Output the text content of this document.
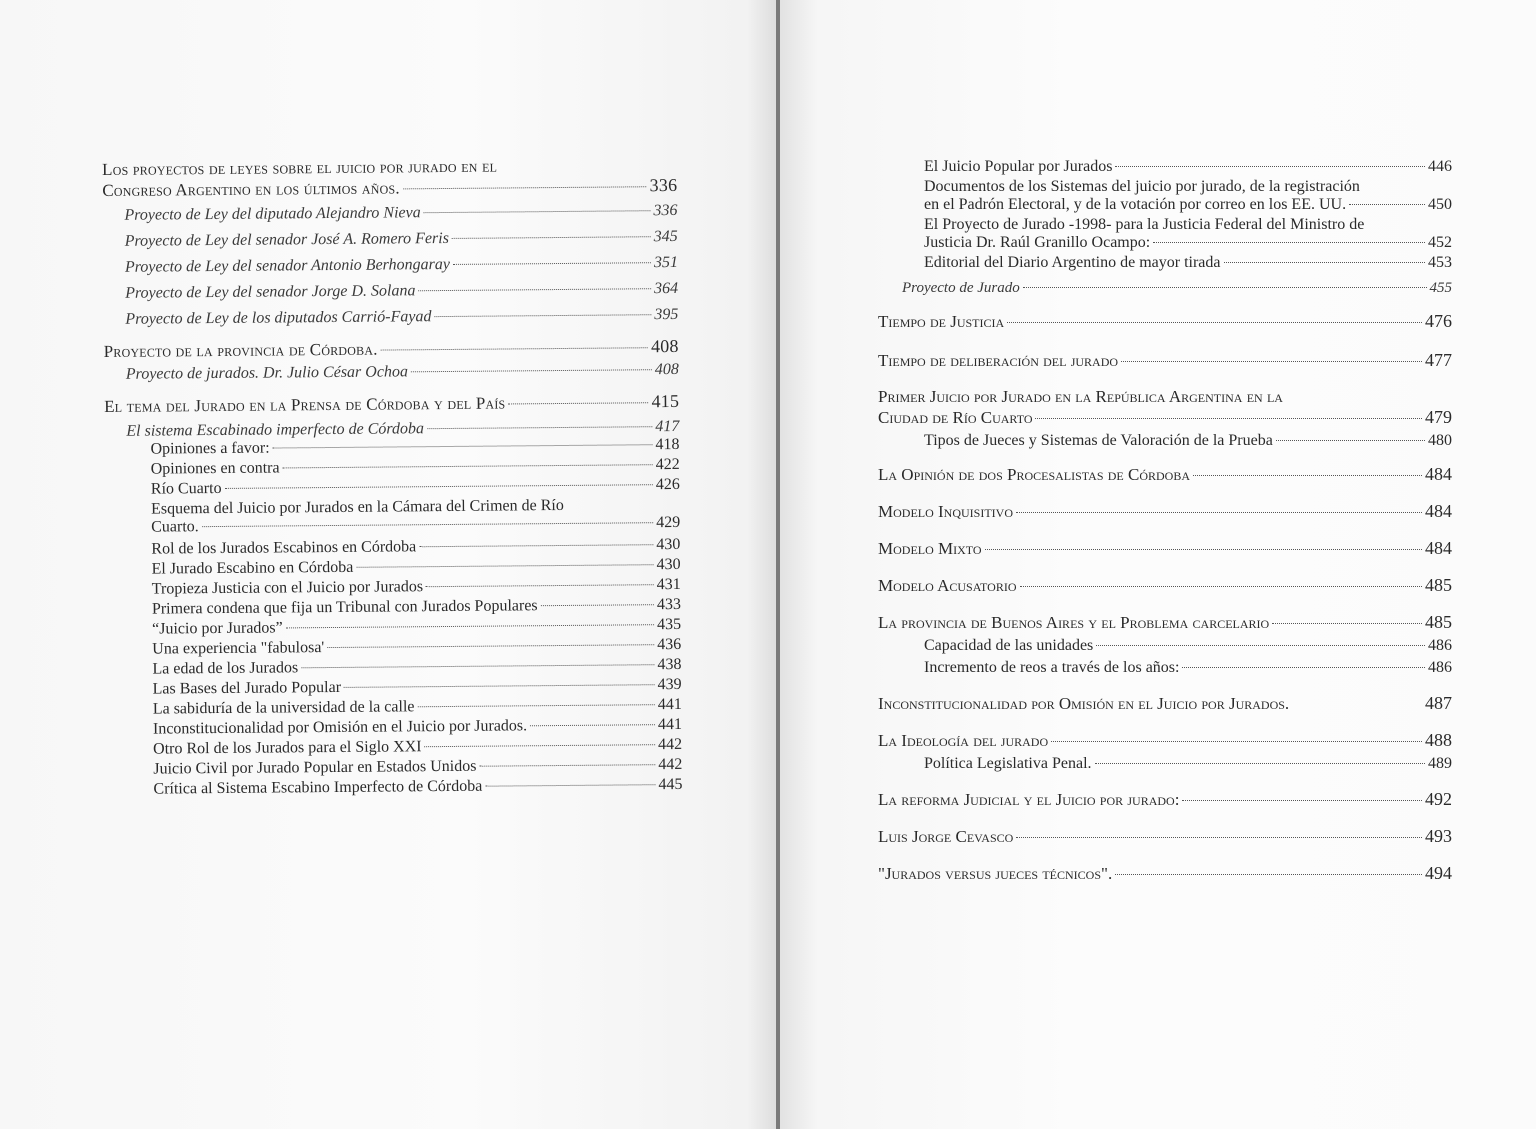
Los proyectos de leyes sobre el juicio por jurado en el
Congreso Argentino en los últimos años.	336
Proyecto de Ley del diputado Alejandro Nieva	336
Proyecto de Ley del senador José A. Romero Feris	345
Proyecto de Ley del senador Antonio Berhongaray	351
Proyecto de Ley del senador Jorge D. Solana	364
Proyecto de Ley de los diputados Carrió-Fayad	395
Proyecto de la provincia de Córdoba.	408
Proyecto de jurados. Dr. Julio César Ochoa	408
El tema del Jurado en la Prensa de Córdoba y del País	415
El sistema Escabinado imperfecto de Córdoba	417
Opiniones a favor:	418
Opiniones en contra	422
Río Cuarto	426
Esquema del Juicio por Jurados en la Cámara del Crimen de Río
Cuarto.	429
Rol de los Jurados Escabinos en Córdoba	430
El Jurado Escabino en Córdoba	430
Tropieza Justicia con el Juicio por Jurados	431
Primera condena que fija un Tribunal con Jurados Populares	433
“Juicio por Jurados”	435
Una experiencia "fabulosa'	436
La edad de los Jurados	438
Las Bases del Jurado Popular	439
La sabiduría de la universidad de la calle	441
Inconstitucionalidad por Omisión en el Juicio por Jurados.	441
Otro Rol de los Jurados para el Siglo XXI	442
Juicio Civil por Jurado Popular en Estados Unidos	442
Crítica al Sistema Escabino Imperfecto de Córdoba	445
El Juicio Popular por Jurados	446
Documentos de los Sistemas del juicio por jurado, de la registración
en el Padrón Electoral, y de la votación por correo en los EE. UU.	450
El Proyecto de Jurado -1998- para la Justicia Federal del Ministro de
Justicia Dr. Raúl Granillo Ocampo:	452
Editorial del Diario Argentino de mayor tirada	453
Proyecto de Jurado	455
Tiempo de Justicia	476
Tiempo de deliberación del jurado	477
Primer Juicio por Jurado en la República Argentina en la
Ciudad de Río Cuarto	479
Tipos de Jueces y Sistemas de Valoración de la Prueba	480
La Opinión de dos Procesalistas de Córdoba	484
Modelo Inquisitivo	484
Modelo Mixto	484
Modelo Acusatorio	485
La provincia de Buenos Aires y el Problema carcelario	485
Capacidad de las unidades	486
Incremento de reos a través de los años:	486
Inconstitucionalidad por Omisión en el Juicio por Jurados.	487
La Ideología del jurado	488
Política Legislativa Penal.	489
La reforma Judicial y el Juicio por jurado:	492
Luis Jorge Cevasco	493
"Jurados versus jueces técnicos".	494
